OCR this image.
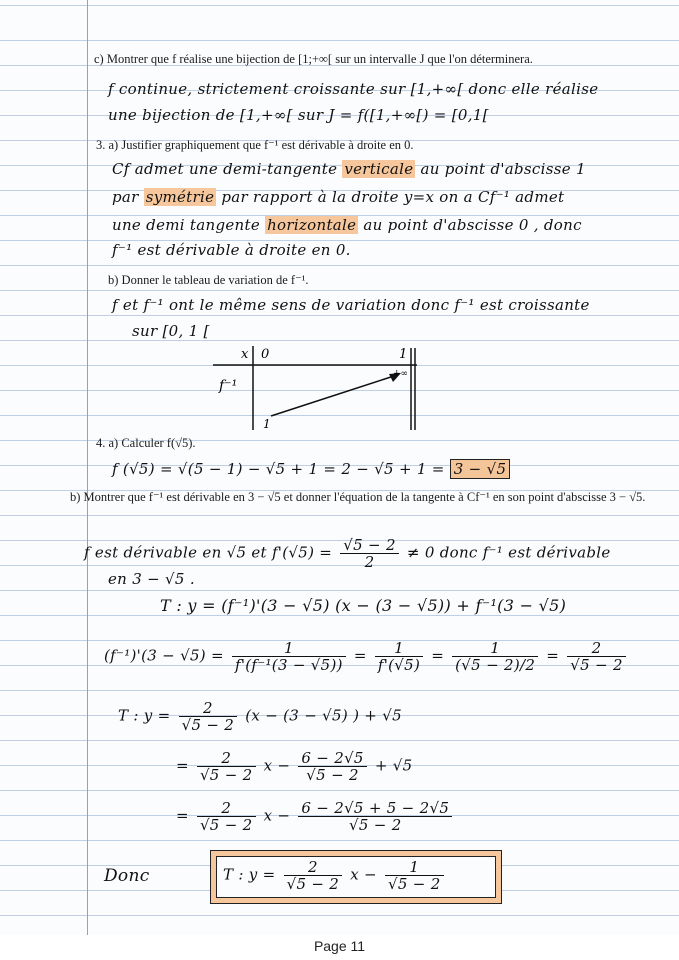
c) Montrer que f réalise une bijection de [1;+∞[ sur un intervalle J que l'on déterminera.
f continue, strictement croissante sur [1,+∞[ donc elle réalise
une bijection de [1,+∞[ sur J = f([1,+∞[) = [0,1[
3. a) Justifier graphiquement que f⁻¹ est dérivable à droite en 0.
Cf admet une demi-tangente verticale au point d'abscisse 1
par symétrie par rapport à la droite y=x on a Cf⁻¹ admet
une demi tangente horizontale au point d'abscisse 0 , donc
f⁻¹ est dérivable à droite en 0.
b) Donner le tableau de variation de f⁻¹.
f et f⁻¹ ont le même sens de variation donc f⁻¹ est croissante
sur [0, 1 [
x 0	1
f⁻¹
1
+∞
4. a) Calculer f(√5).
f (√5) = √(5 − 1) − √5 + 1 = 2 − √5 + 1 = 3 − √5
b) Montrer que f⁻¹ est dérivable en 3 − √5 et donner l'équation de la tangente à Cf⁻¹ en son point d'abscisse 3 − √5.
f est dérivable en √5 et $f'(√5) = \frac{√5 - 2}{2} \ne 0$ donc f⁻¹ est dérivable
en 3 − √5 .
T : y = (f⁻¹)'(3 − √5) (x − (3 − √5)) + f⁻¹(3 − √5)
$(f^{-1})'(3 - √5) = \frac{1}{\text{f'(f⁻¹(3 − √5))}} = \frac{1}{f'(√5)} = \frac{1}{(√5 - 2)/2} = \frac{2}{√5 - 2}$
T : $y = \frac{2}{√5 - 2} (x - (3 - √5)$ ) + √5
= $\frac{2}{√5 - 2}$ $x - \frac{6 - 2√5}{√5 - 2} + √5$
= $\frac{2}{√5 - 2}$ $x - \frac{6 - 2√5 + 5 - 2√5}{√5 - 2}$
Donc	T : $y = \frac{2}{√5 - 2}$ $x - \frac{1}{√5 - 2}$
Page 11
